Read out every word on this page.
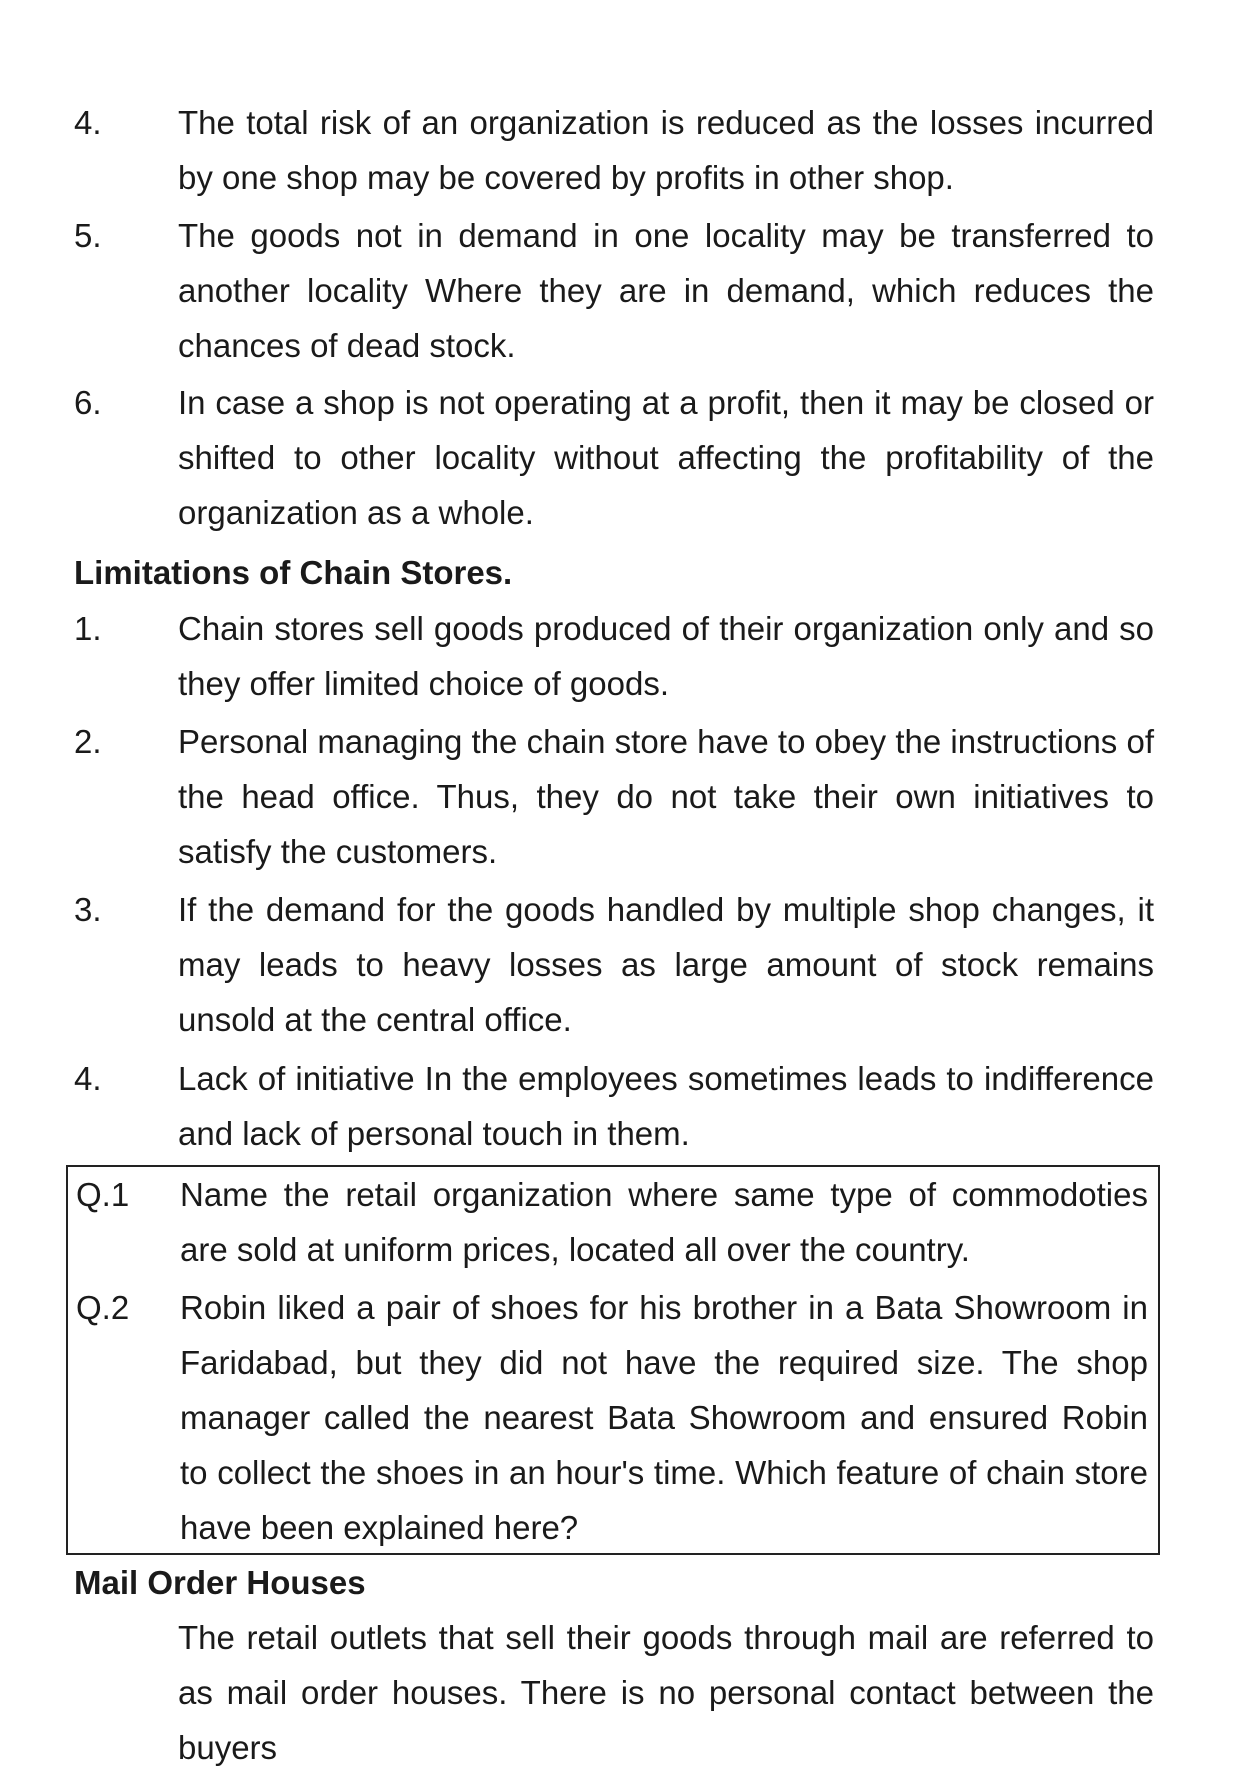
4.	The total risk of an organization is reduced as the losses incurred by one shop may be covered by profits in other shop.
5.	The goods not in demand in one locality may be transferred to another locality Where they are in demand, which reduces the chances of dead stock.
6.	In case a shop is not operating at a profit, then it may be closed or shifted to other locality without affecting the profitability of the organization as a whole.
Limitations of Chain Stores.
1.	Chain stores sell goods produced of their organization only and so they offer limited choice of goods.
2.	Personal managing the chain store have to obey the instructions of the head office. Thus, they do not take their own initiatives to satisfy the customers.
3.	If the demand for the goods handled by multiple shop changes, it may leads to heavy losses as large amount of stock remains unsold at the central office.
4.	Lack of initiative In the employees sometimes leads to indifference and lack of personal touch in them.
Q.1 Name the retail organization where same type of commodoties are sold at uniform prices, located all over the country.
Q.2 Robin liked a pair of shoes for his brother in a Bata Showroom in Faridabad, but they did not have the required size. The shop manager called the nearest Bata Showroom and ensured Robin to collect the shoes in an hour's time. Which feature of chain store have been explained here?
Mail Order Houses
The retail outlets that sell their goods through mail are referred to as mail order houses. There is no personal contact between the buyers
